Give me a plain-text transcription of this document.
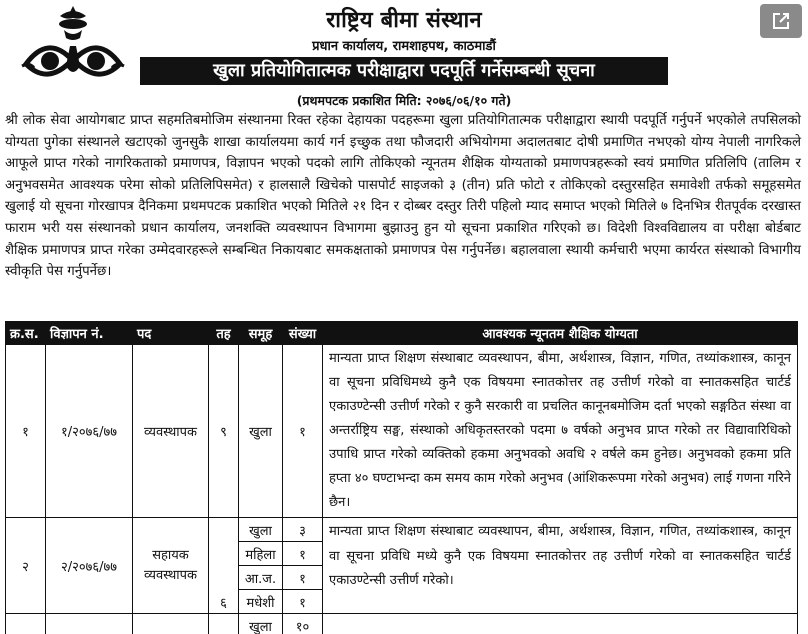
राष्ट्रिय बीमा संस्थान
प्रधान कार्यालय, रामशाहपथ, काठमाडौं
खुला प्रतियोगितात्मक परीक्षाद्वारा पदपूर्ति गर्नेसम्बन्धी सूचना
(प्रथमपटक प्रकाशित मिति: २०७६/०६/१० गते)
श्री लोक सेवा आयोगबाट प्राप्त सहमतिबमोजिम संस्थानमा रिक्त रहेका देहायका पदहरूमा खुला प्रतियोगितात्मक परीक्षाद्वारा स्थायी पदपूर्ति गर्नुपर्ने भएकोले तपसिलको योग्यता पुगेका संस्थानले खटाएको जुनसुकै शाखा कार्यालयमा कार्य गर्न इच्छुक तथा फौजदारी अभियोगमा अदालतबाट दोषी प्रमाणित नभएको योग्य नेपाली नागरिकले आफूले प्राप्त गरेको नागरिकताको प्रमाणपत्र, विज्ञापन भएको पदको लागि तोकिएको न्यूनतम शैक्षिक योग्यताको प्रमाणपत्रहरूको स्वयं प्रमाणित प्रतिलिपि (तालिम र अनुभवसमेत आवश्यक परेमा सोको प्रतिलिपिसमेत) र हालसालै खिचेको पासपोर्ट साइजको ३ (तीन) प्रति फोटो र तोकिएको दस्तुरसहित समावेशी तर्फको समूहसमेत खुलाई यो सूचना गोरखापत्र दैनिकमा प्रथमपटक प्रकाशित भएको मितिले २१ दिन र दोब्बर दस्तुर तिरी पहिलो म्याद समाप्त भएको मितिले ७ दिनभित्र रीतपूर्वक दरखास्त फाराम भरी यस संस्थानको प्रधान कार्यालय, जनशक्ति व्यवस्थापन विभागमा बुझाउनु हुन यो सूचना प्रकाशित गरिएको छ। विदेशी विश्वविद्यालय वा परीक्षा बोर्डबाट शैक्षिक प्रमाणपत्र प्राप्त गरेका उम्मेदवारहरूले सम्बन्धित निकायबाट समकक्षताको प्रमाणपत्र पेस गर्नुपर्नेछ। बहालवाला स्थायी कर्मचारी भएमा कार्यरत संस्थाको विभागीय स्वीकृति पेस गर्नुपर्नेछ।
क्र.स.	विज्ञापन नं.	पद	तह	समूह	संख्या	आवश्यक न्यूनतम शैक्षिक योग्यता
१	१/२०७६/७७	व्यवस्थापक	९	खुला	१	मान्यता प्राप्त शिक्षण संस्थाबाट व्यवस्थापन, बीमा, अर्थशास्त्र, विज्ञान, गणित, तथ्यांकशास्त्र, कानून वा सूचना प्रविधिमध्ये कुनै एक विषयमा स्नातकोत्तर तह उत्तीर्ण गरेको वा स्नातकसहित चार्टर्ड एकाउण्टेन्सी उत्तीर्ण गरेको र कुनै सरकारी वा प्रचलित कानूनबमोजिम दर्ता भएको सङ्गठित संस्था वा अन्तर्राष्ट्रिय सङ्घ, संस्थाको अधिकृतस्तरको पदमा ७ वर्षको अनुभव प्राप्त गरेको तर विद्यावारिधिको उपाधि प्राप्त गरेको व्यक्तिको हकमा अनुभवको अवधि २ वर्षले कम हुनेछ। अनुभवको हकमा प्रति हप्ता ४० घण्टाभन्दा कम समय काम गरेको अनुभव (आंशिकरूपमा गरेको अनुभव) लाई गणना गरिने छैन।
२	२/२०७६/७७	सहायक
व्यवस्थापक	६	खुला	३	मान्यता प्राप्त शिक्षण संस्थाबाट व्यवस्थापन, बीमा, अर्थशास्त्र, विज्ञान, गणित, तथ्यांकशास्त्र, कानून वा सूचना प्रविधि मध्ये कुनै एक विषयमा स्नातकोत्तर तह उत्तीर्ण गरेको वा स्नातकसहित चार्टर्ड एकाउण्टेन्सी उत्तीर्ण गरेको।
				महिला	१	
				आ.ज.	१	
				मधेशी	१	
				खुला	१०	
